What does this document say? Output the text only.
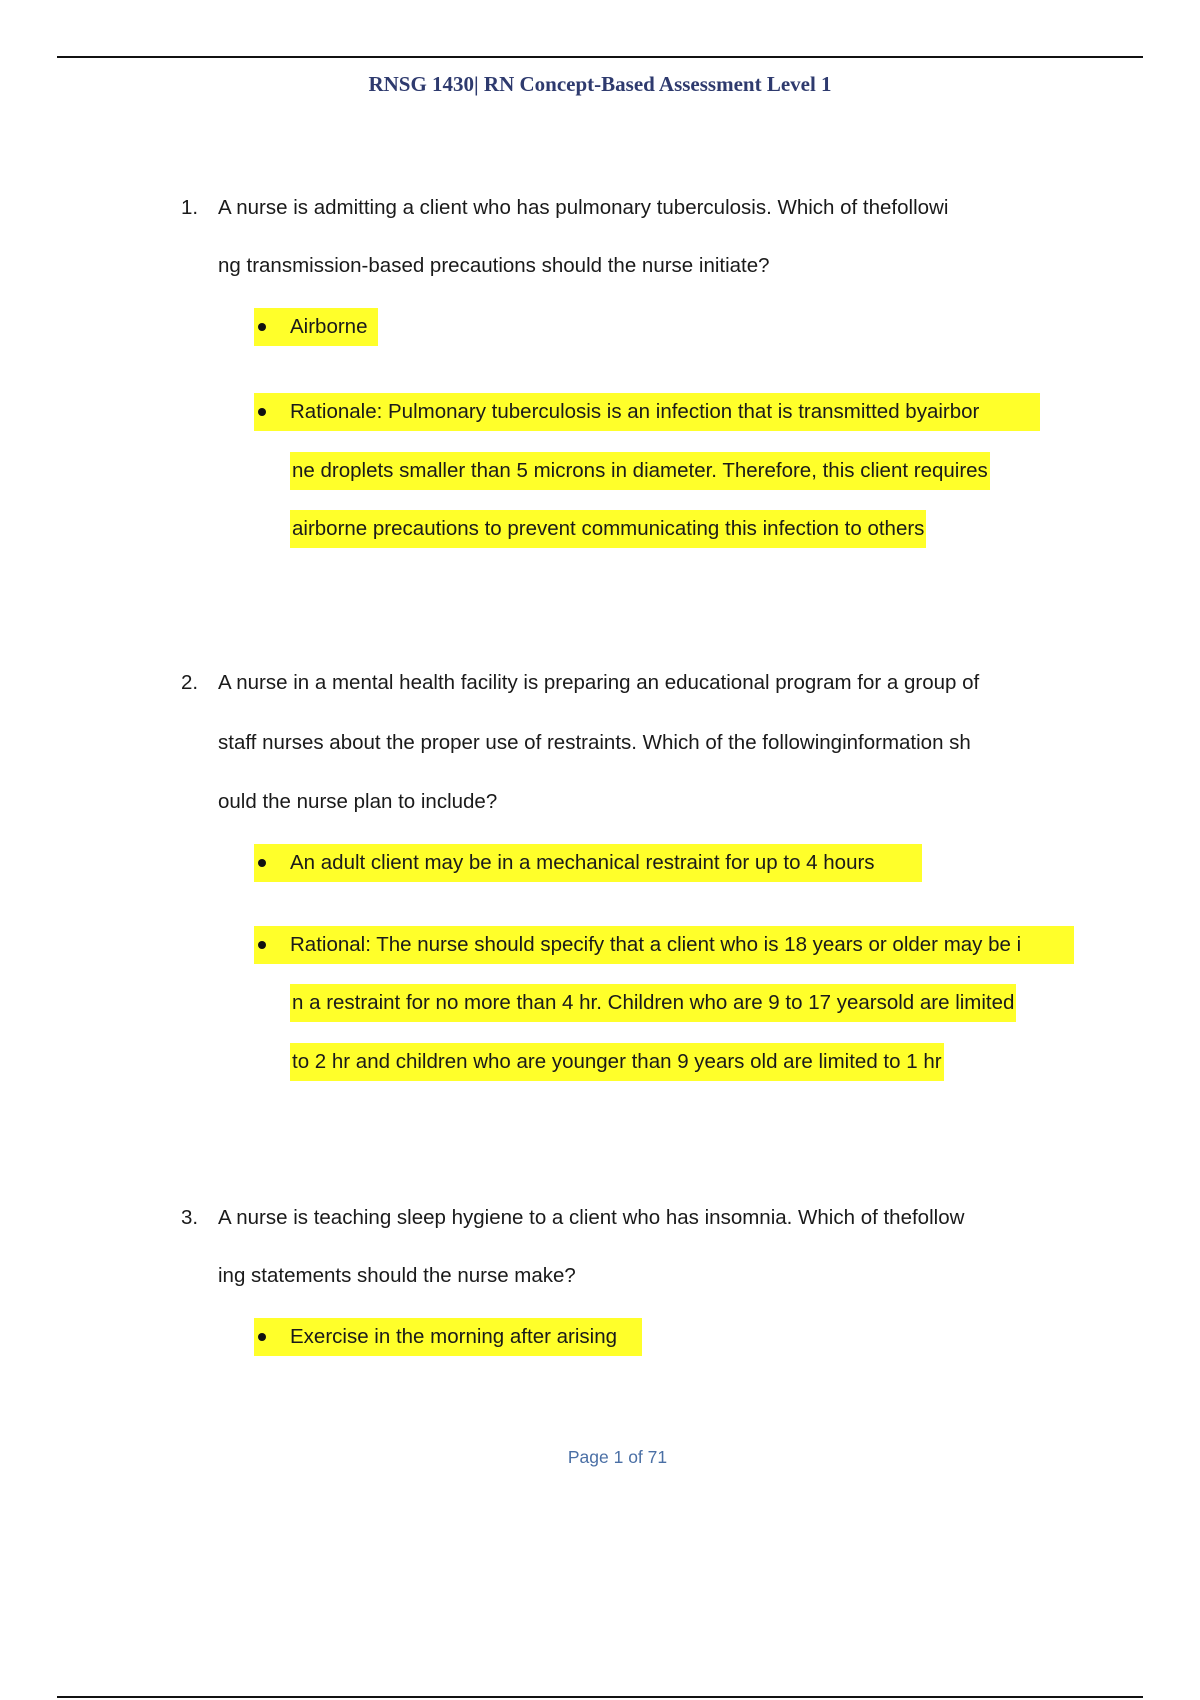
RNSG 1430| RN Concept-Based Assessment Level 1
1. A nurse is admitting a client who has pulmonary tuberculosis. Which of thefollowi
ng transmission-based precautions should the nurse initiate?
Airborne
Rationale: Pulmonary tuberculosis is an infection that is transmitted byairbor
ne droplets smaller than 5 microns in diameter. Therefore, this client requires
airborne precautions to prevent communicating this infection to others
2. A nurse in a mental health facility is preparing an educational program for a group of
staff nurses about the proper use of restraints. Which of the followinginformation sh
ould the nurse plan to include?
An adult client may be in a mechanical restraint for up to 4 hours
Rational: The nurse should specify that a client who is 18 years or older may be i
n a restraint for no more than 4 hr. Children who are 9 to 17 yearsold are limited
to 2 hr and children who are younger than 9 years old are limited to 1 hr
3. A nurse is teaching sleep hygiene to a client who has insomnia. Which of thefollow
ing statements should the nurse make?
Exercise in the morning after arising
Page 1 of 71
